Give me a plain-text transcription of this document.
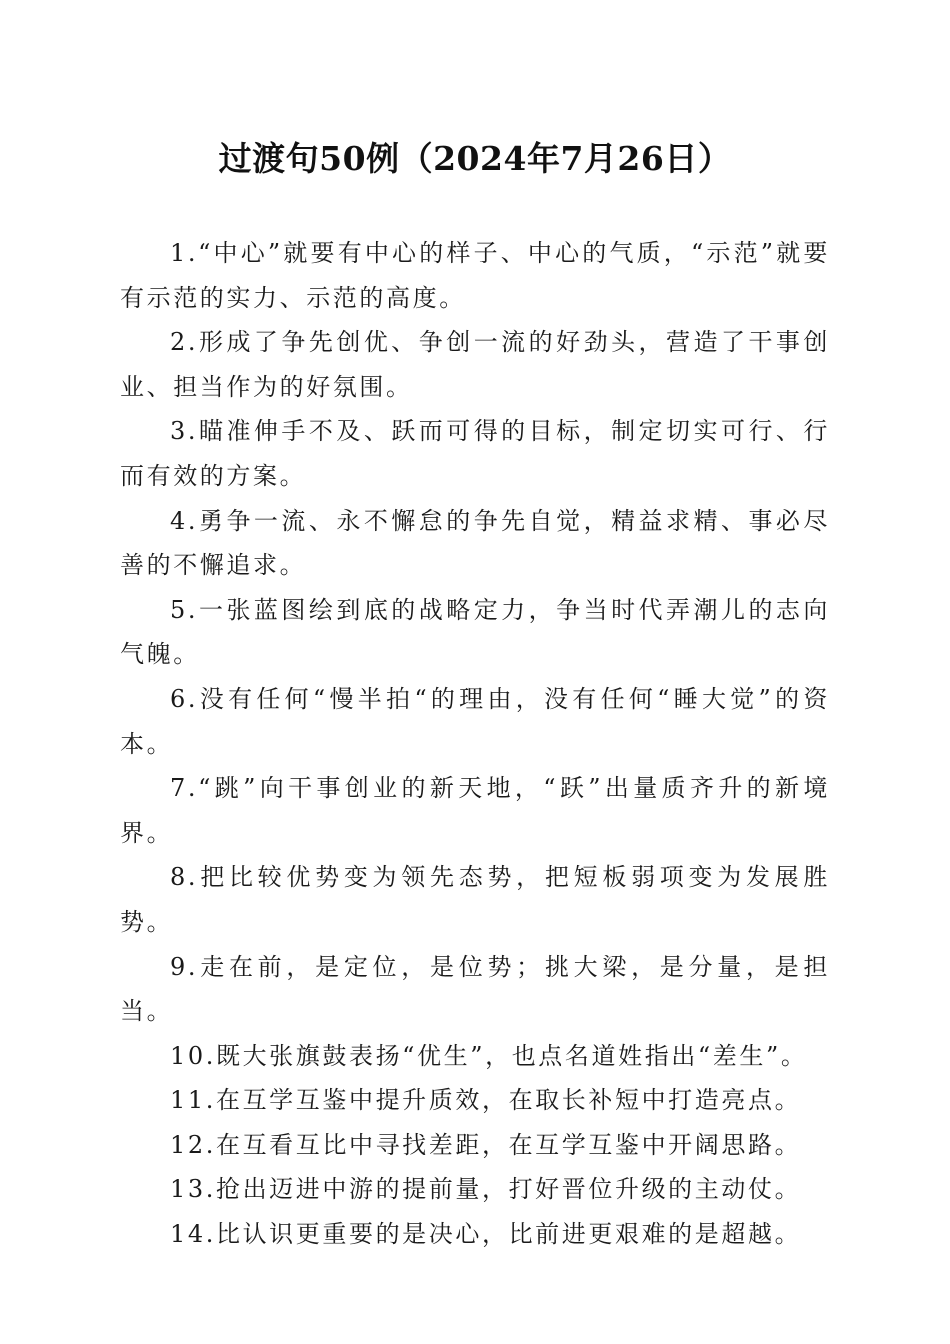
过渡句50例（2024年7月26日）

1.“中心”就要有中心的样子、中心的气质，“示范”就要有示范的实力、示范的高度。

2.形成了争先创优、争创一流的好劲头，营造了干事创业、担当作为的好氛围。

3.瞄准伸手不及、跃而可得的目标，制定切实可行、行而有效的方案。

4.勇争一流、永不懈怠的争先自觉，精益求精、事必尽善的不懈追求。

5.一张蓝图绘到底的战略定力，争当时代弄潮儿的志向气魄。

6.没有任何“慢半拍“的理由，没有任何“睡大觉”的资本。

7.“跳”向干事创业的新天地，“跃”出量质齐升的新境界。

8.把比较优势变为领先态势，把短板弱项变为发展胜势。

9.走在前，是定位，是位势；挑大梁，是分量，是担当。

10.既大张旗鼓表扬“优生”，也点名道姓指出“差生”。

11.在互学互鉴中提升质效，在取长补短中打造亮点。

12.在互看互比中寻找差距，在互学互鉴中开阔思路。

13.抢出迈进中游的提前量，打好晋位升级的主动仗。

14.比认识更重要的是决心，比前进更艰难的是超越。
